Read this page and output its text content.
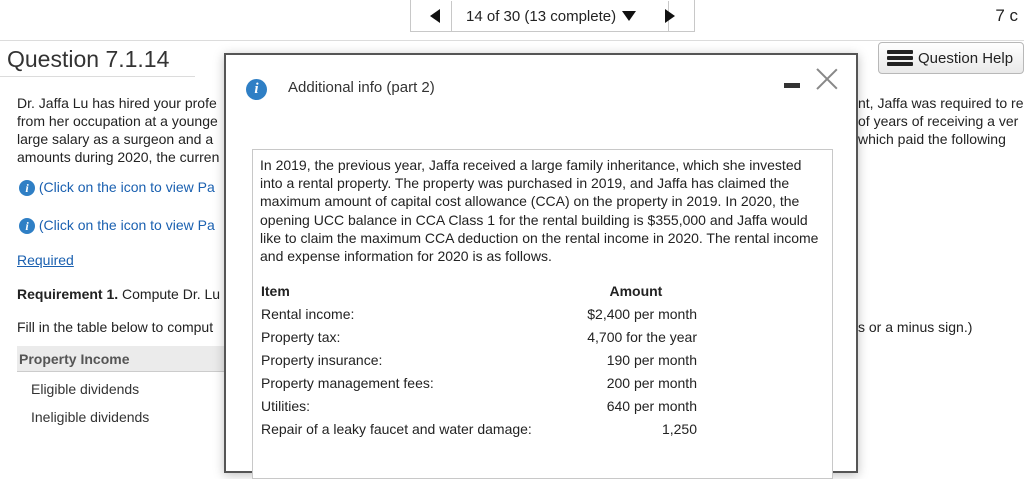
14 of 30 (13 complete)	7 c
Question 7.1.14	Question Help
Dr. Jaffa Lu has hired your profe
from her occupation at a younge
large salary as a surgeon and a
amounts during 2020, the curren
nt, Jaffa was required to re
of years of receiving a ver
which paid the following
i (Click on the icon to view Pa
i (Click on the icon to view Pa
Required
Requirement 1. Compute Dr. Lu
Fill in the table below to comput	s or a minus sign.)
Property Income
Eligible dividends
Ineligible dividends
i	Additional info (part 2)

In 2019, the previous year, Jaffa received a large family inheritance, which she invested into a rental property. The property was purchased in 2019, and Jaffa has claimed the maximum amount of capital cost allowance (CCA) on the property in 2019. In 2020, the opening UCC balance in CCA Class 1 for the rental building is $355,000 and Jaffa would like to claim the maximum CCA deduction on the rental income in 2020. The rental income and expense information for 2020 is as follows.

Item	Amount
Rental income:	$2,400 per month
Property tax:	4,700 for the year
Property insurance:	190 per month
Property management fees:	200 per month
Utilities:	640 per month
Repair of a leaky faucet and water damage:	1,250
